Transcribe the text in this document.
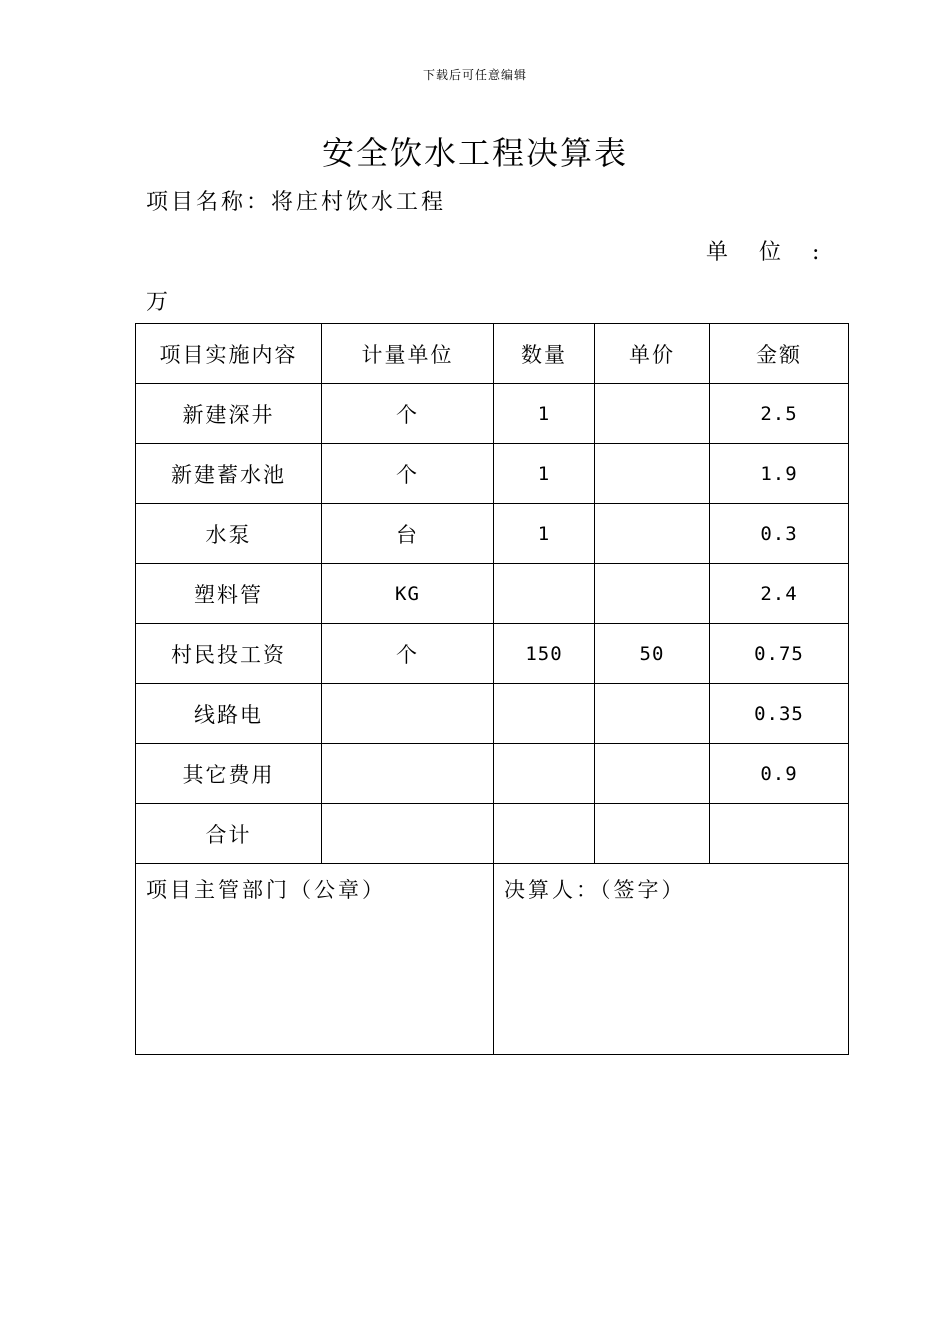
下载后可任意编辑
安全饮水工程决算表
项目名称：将庄村饮水工程
单 位 :
万
项目实施内容	计量单位	数量	单价	金额
新建深井	个	1		2.5
新建蓄水池	个	1		1.9
水泵	台	1		0.3
塑料管	KG			2.4
村民投工资	个	150	50	0.75
线路电				0.35
其它费用				0.9
合计				
项目主管部门（公章）		决算人：（签字）		
